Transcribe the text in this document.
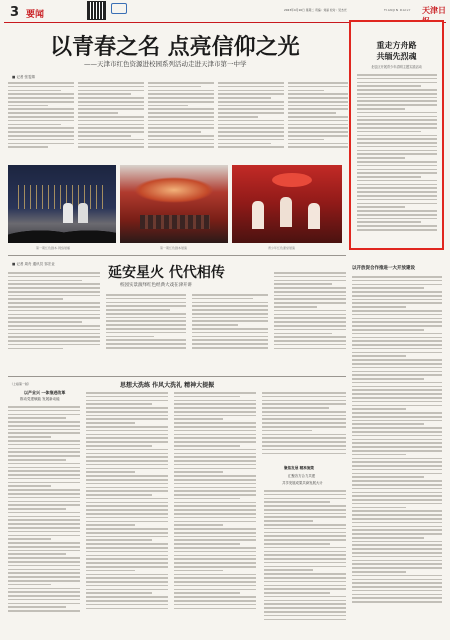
3 要闻	2023年4月16日 星期二 责编：刘丽 校对：吴杰光	TIANJIN DAILY 天津日
以青春之名 点亮信仰之光
——天津市红色资源进校园系列活动走进天津市第一中学
■ 记者 张雯婧
第一期红色剧本·网络展播	第一期红色剧本展演	青少年红色课堂展演
重走方舟路
共缅先烈魂
北辰区开展青少年清明主题实践活动
■ 记者 周舟 通讯员 邹宏业
延安星火 代代相传
校园实景演绎红色经典大戏在津开讲
以开放促合作推进一大开放建设
（上接第一版）
以产业兴 一体推进改革
推动党建赋能 发展新动能
思想大洗练 作风大洗礼 精神大提振
聚焦发展 精准施策
汇聚各方合力共建
共享发展成果共商发展大计
